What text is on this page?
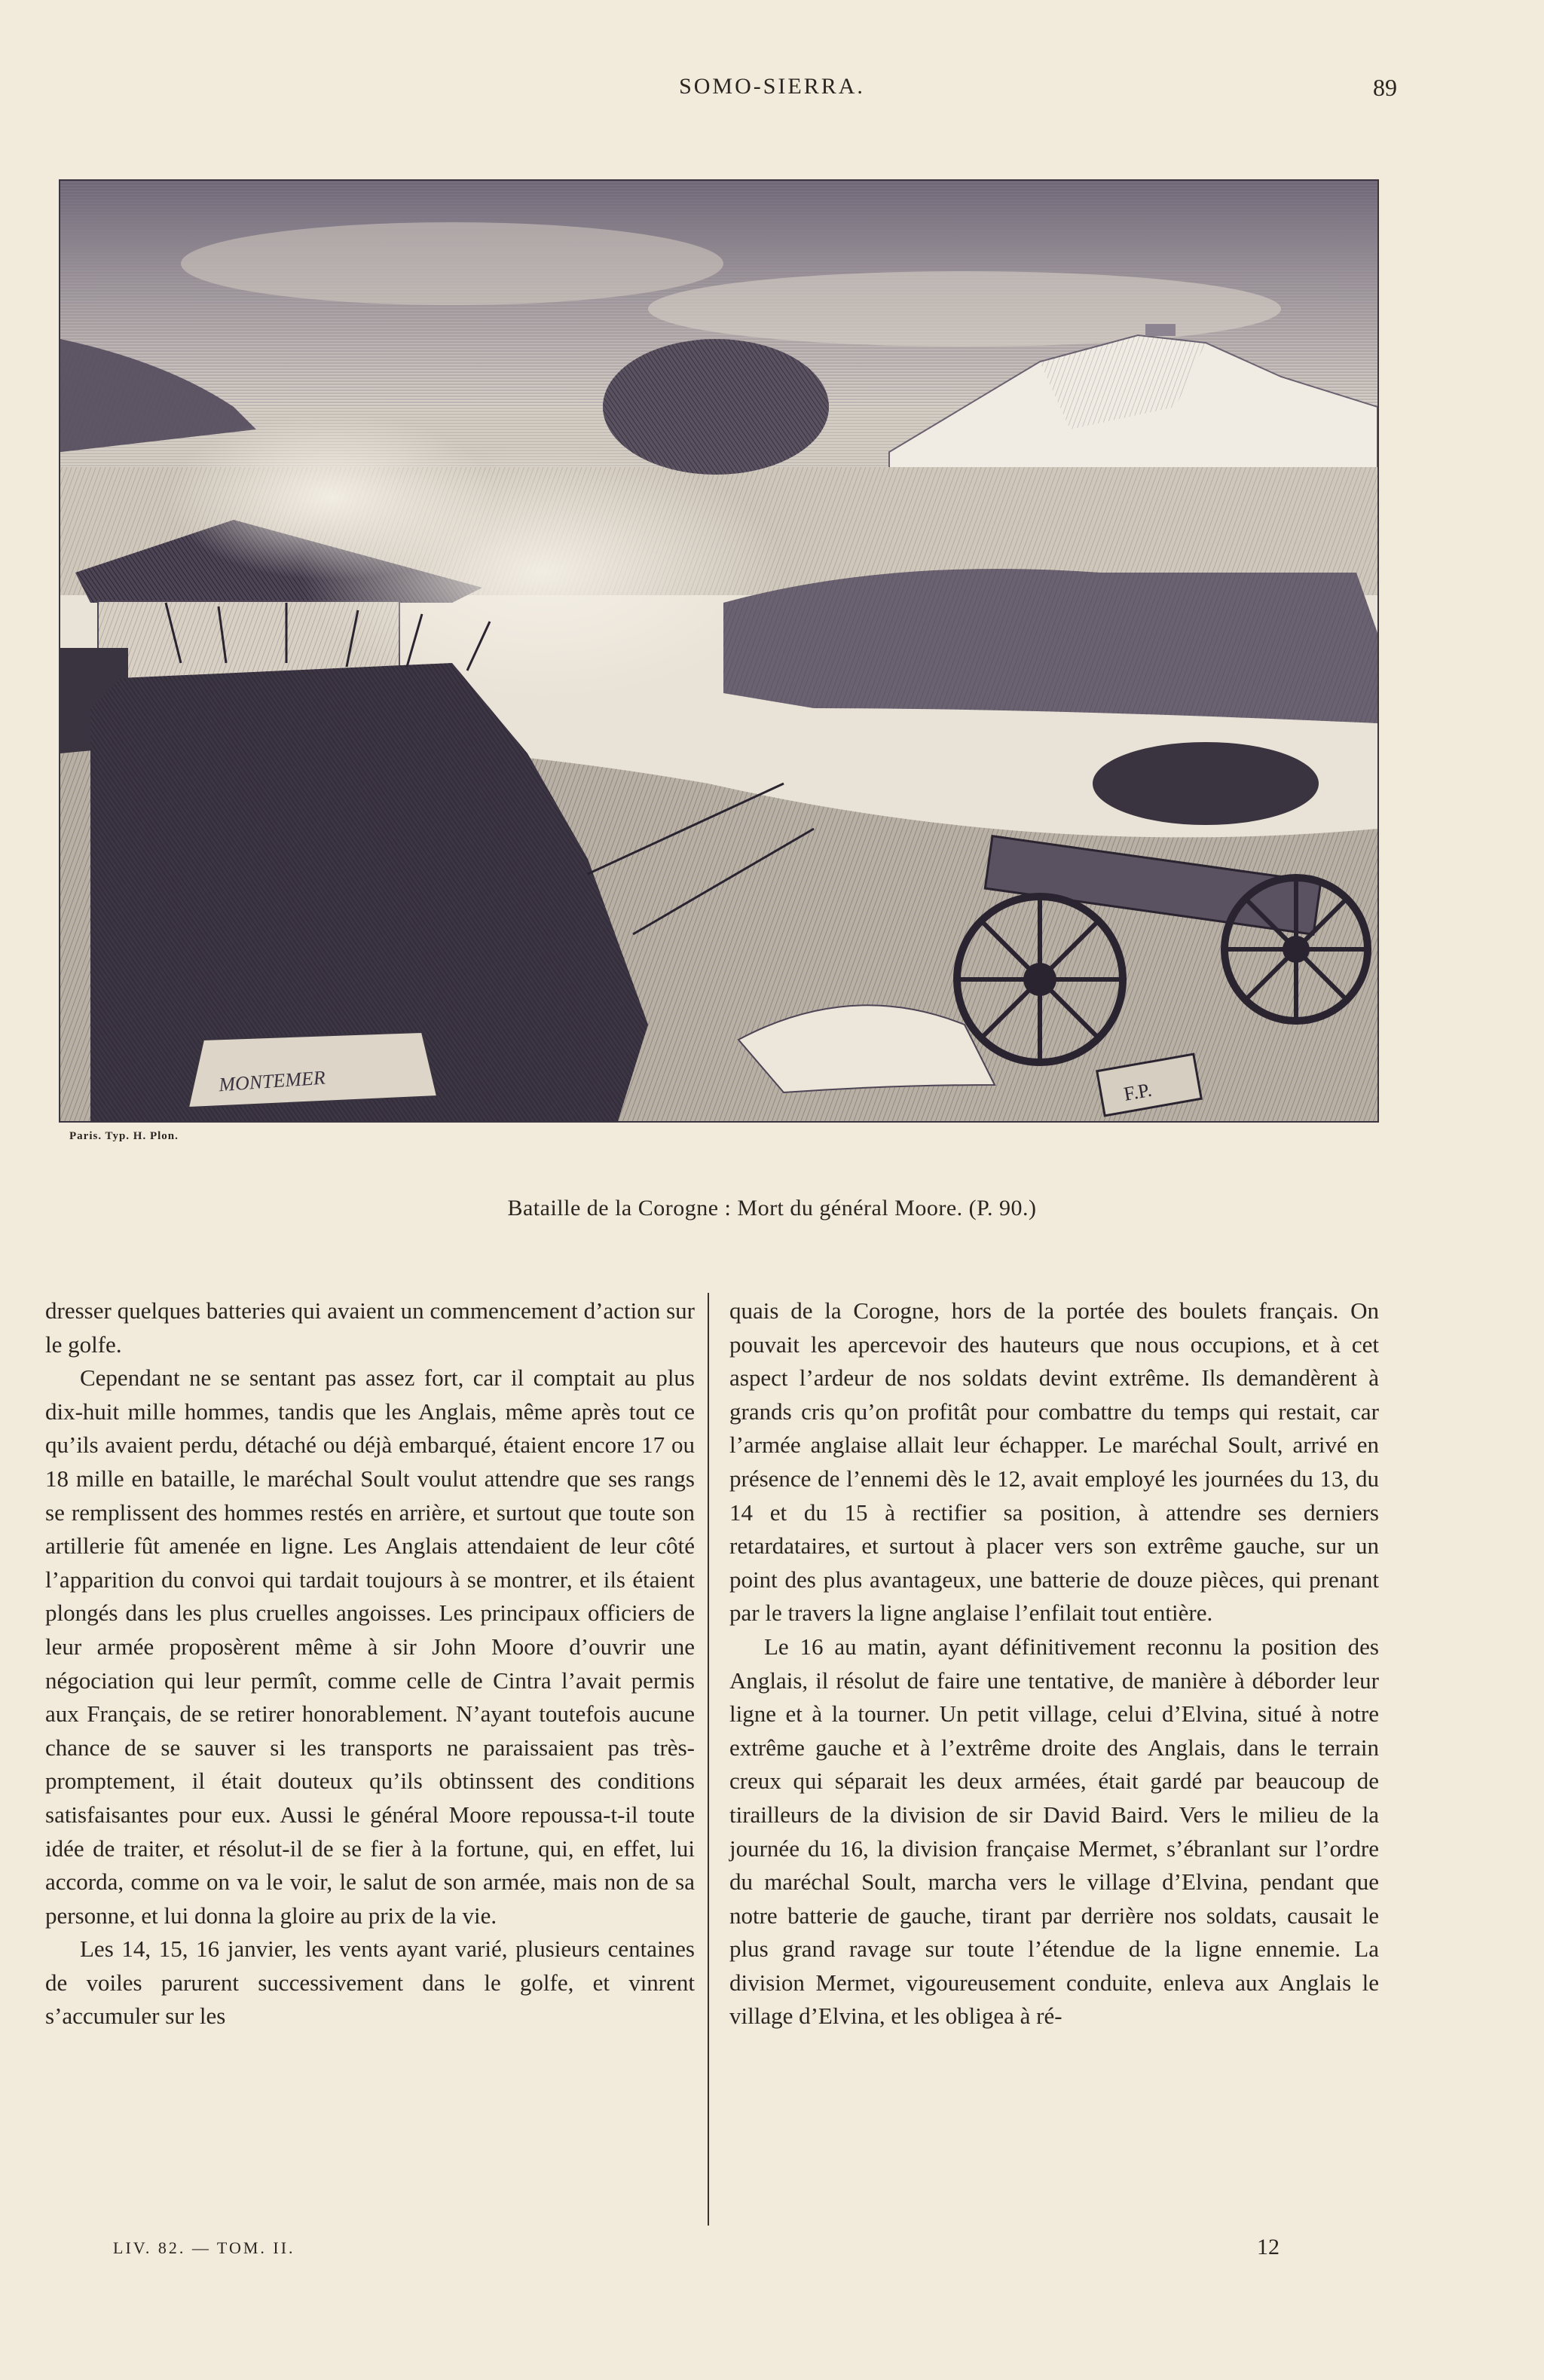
SOMO-SIERRA.	89
MONTEMER	F.P.
Paris. Typ. H. Plon.
Bataille de la Corogne : Mort du général Moore. (P. 90.)

dresser quelques batteries qui avaient un commencement d’action sur le golfe.

Cependant ne se sentant pas assez fort, car il comptait au plus dix-huit mille hommes, tandis que les Anglais, même après tout ce qu’ils avaient perdu, détaché ou déjà embarqué, étaient encore 17 ou 18 mille en bataille, le maréchal Soult voulut attendre que ses rangs se remplissent des hommes restés en arrière, et surtout que toute son artillerie fût amenée en ligne. Les Anglais attendaient de leur côté l’apparition du convoi qui tardait toujours à se montrer, et ils étaient plongés dans les plus cruelles angoisses. Les principaux officiers de leur armée proposèrent même à sir John Moore d’ouvrir une négociation qui leur permît, comme celle de Cintra l’avait permis aux Français, de se retirer honorablement. N’ayant toutefois aucune chance de se sauver si les transports ne paraissaient pas très-promptement, il était douteux qu’ils obtinssent des conditions satisfaisantes pour eux. Aussi le général Moore repoussa-t-il toute idée de traiter, et résolut-il de se fier à la fortune, qui, en effet, lui accorda, comme on va le voir, le salut de son armée, mais non de sa personne, et lui donna la gloire au prix de la vie.

Les 14, 15, 16 janvier, les vents ayant varié, plusieurs centaines de voiles parurent successivement dans le golfe, et vinrent s’accumuler sur les

quais de la Corogne, hors de la portée des boulets français. On pouvait les apercevoir des hauteurs que nous occupions, et à cet aspect l’ardeur de nos soldats devint extrême. Ils demandèrent à grands cris qu’on profitât pour combattre du temps qui restait, car l’armée anglaise allait leur échapper. Le maréchal Soult, arrivé en présence de l’ennemi dès le 12, avait employé les journées du 13, du 14 et du 15 à rectifier sa position, à attendre ses derniers retardataires, et surtout à placer vers son extrême gauche, sur un point des plus avantageux, une batterie de douze pièces, qui prenant par le travers la ligne anglaise l’enfilait tout entière.

Le 16 au matin, ayant définitivement reconnu la position des Anglais, il résolut de faire une tentative, de manière à déborder leur ligne et à la tourner. Un petit village, celui d’Elvina, situé à notre extrême gauche et à l’extrême droite des Anglais, dans le terrain creux qui séparait les deux armées, était gardé par beaucoup de tirailleurs de la division de sir David Baird. Vers le milieu de la journée du 16, la division française Mermet, s’ébranlant sur l’ordre du maréchal Soult, marcha vers le village d’Elvina, pendant que notre batterie de gauche, tirant par derrière nos soldats, causait le plus grand ravage sur toute l’étendue de la ligne ennemie. La division Mermet, vigoureusement conduite, enleva aux Anglais le village d’Elvina, et les obligea à ré-

LIV. 82. — TOM. II.	12
